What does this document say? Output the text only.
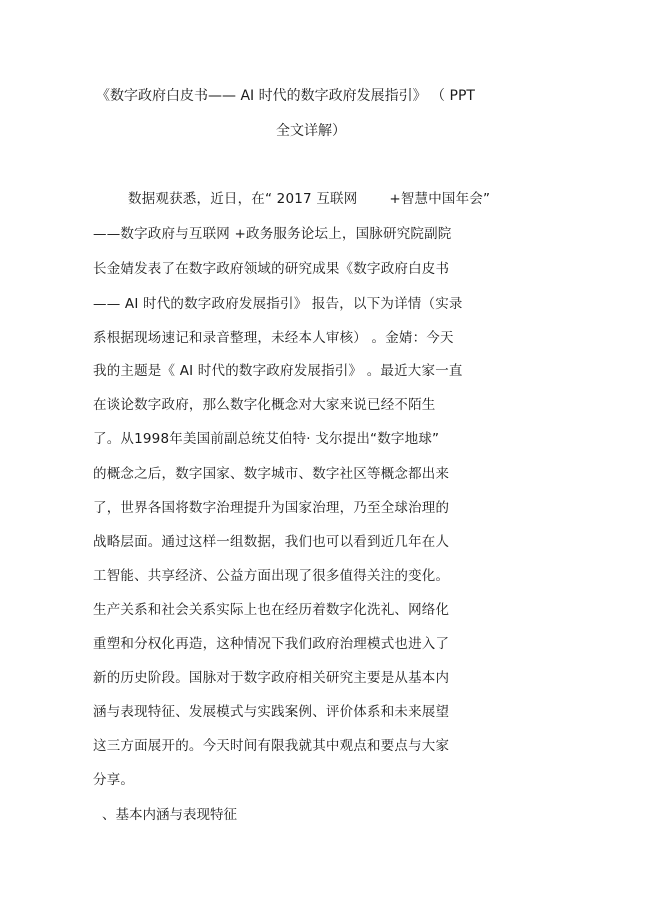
《数字政府白皮书—— AI 时代的数字政府发展指引》 （ PPT
全文详解）
数据观获悉，近日，在“ 2017 互联网　　 +智慧中国年会”
——数字政府与互联网 +政务服务论坛上，国脉研究院副院
长金婧发表了在数字政府领域的研究成果《数字政府白皮书
—— AI 时代的数字政府发展指引》 报告，以下为详情（实录
系根据现场速记和录音整理，未经本人审核） 。金婧：今天
我的主题是《 AI 时代的数字政府发展指引》 。最近大家一直
在谈论数字政府，那么数字化概念对大家来说已经不陌生
了。从1998年美国前副总统艾伯特· 戈尔提出“数字地球”
的概念之后，数字国家、数字城市、数字社区等概念都出来
了，世界各国将数字治理提升为国家治理，乃至全球治理的
战略层面。通过这样一组数据，我们也可以看到近几年在人
工智能、共享经济、公益方面出现了很多值得关注的变化。
生产关系和社会关系实际上也在经历着数字化洗礼、网络化
重塑和分权化再造，这种情况下我们政府治理模式也进入了
新的历史阶段。国脉对于数字政府相关研究主要是从基本内
涵与表现特征、发展模式与实践案例、评价体系和未来展望
这三方面展开的。今天时间有限我就其中观点和要点与大家
分享。
、基本内涵与表现特征
